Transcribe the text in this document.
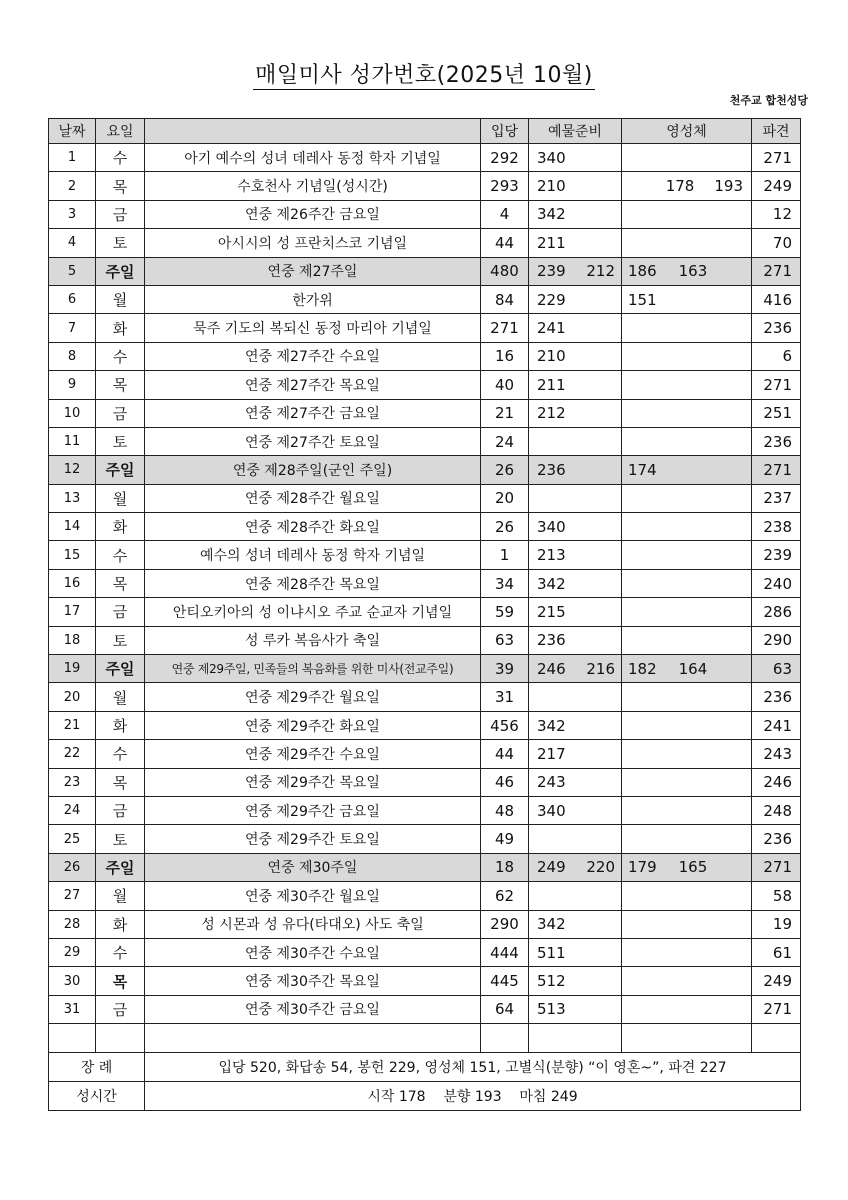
매일미사 성가번호(2025년 10월)
천주교 합천성당
날짜	요일		입당	예물준비	영성체	파견
1	수	아기 예수의 성녀 데레사 동정 학자 기념일	292	340		271
2	목	수호천사 기념일(성시간)	293	210	178 193	249
3	금	연중 제26주간 금요일	4	342		12
4	토	아시시의 성 프란치스코 기념일	44	211		70
5	주일	연중 제27주일	480	239 212	186 163	271
6	월	한가위	84	229	151	416
7	화	묵주 기도의 복되신 동정 마리아 기념일	271	241		236
8	수	연중 제27주간 수요일	16	210		6
9	목	연중 제27주간 목요일	40	211		271
10	금	연중 제27주간 금요일	21	212		251
11	토	연중 제27주간 토요일	24			236
12	주일	연중 제28주일(군인 주일)	26	236	174	271
13	월	연중 제28주간 월요일	20			237
14	화	연중 제28주간 화요일	26	340		238
15	수	예수의 성녀 데레사 동정 학자 기념일	1	213		239
16	목	연중 제28주간 목요일	34	342		240
17	금	안티오키아의 성 이냐시오 주교 순교자 기념일	59	215		286
18	토	성 루카 복음사가 축일	63	236		290
19	주일	연중 제29주일, 민족들의 복음화를 위한 미사(전교주일)	39	246 216	182 164	63
20	월	연중 제29주간 월요일	31			236
21	화	연중 제29주간 화요일	456	342		241
22	수	연중 제29주간 수요일	44	217		243
23	목	연중 제29주간 목요일	46	243		246
24	금	연중 제29주간 금요일	48	340		248
25	토	연중 제29주간 토요일	49			236
26	주일	연중 제30주일	18	249 220	179 165	271
27	월	연중 제30주간 월요일	62			58
28	화	성 시몬과 성 유다(타대오) 사도 축일	290	342		19
29	수	연중 제30주간 수요일	444	511		61
30	목	연중 제30주간 목요일	445	512		249
31	금	연중 제30주간 금요일	64	513		271

장 례		입당 520, 화답송 54, 봉헌 229, 영성체 151, 고별식(분향) “이 영혼~”, 파견 227				
성시간		시작 178    분향 193    마침 249				
